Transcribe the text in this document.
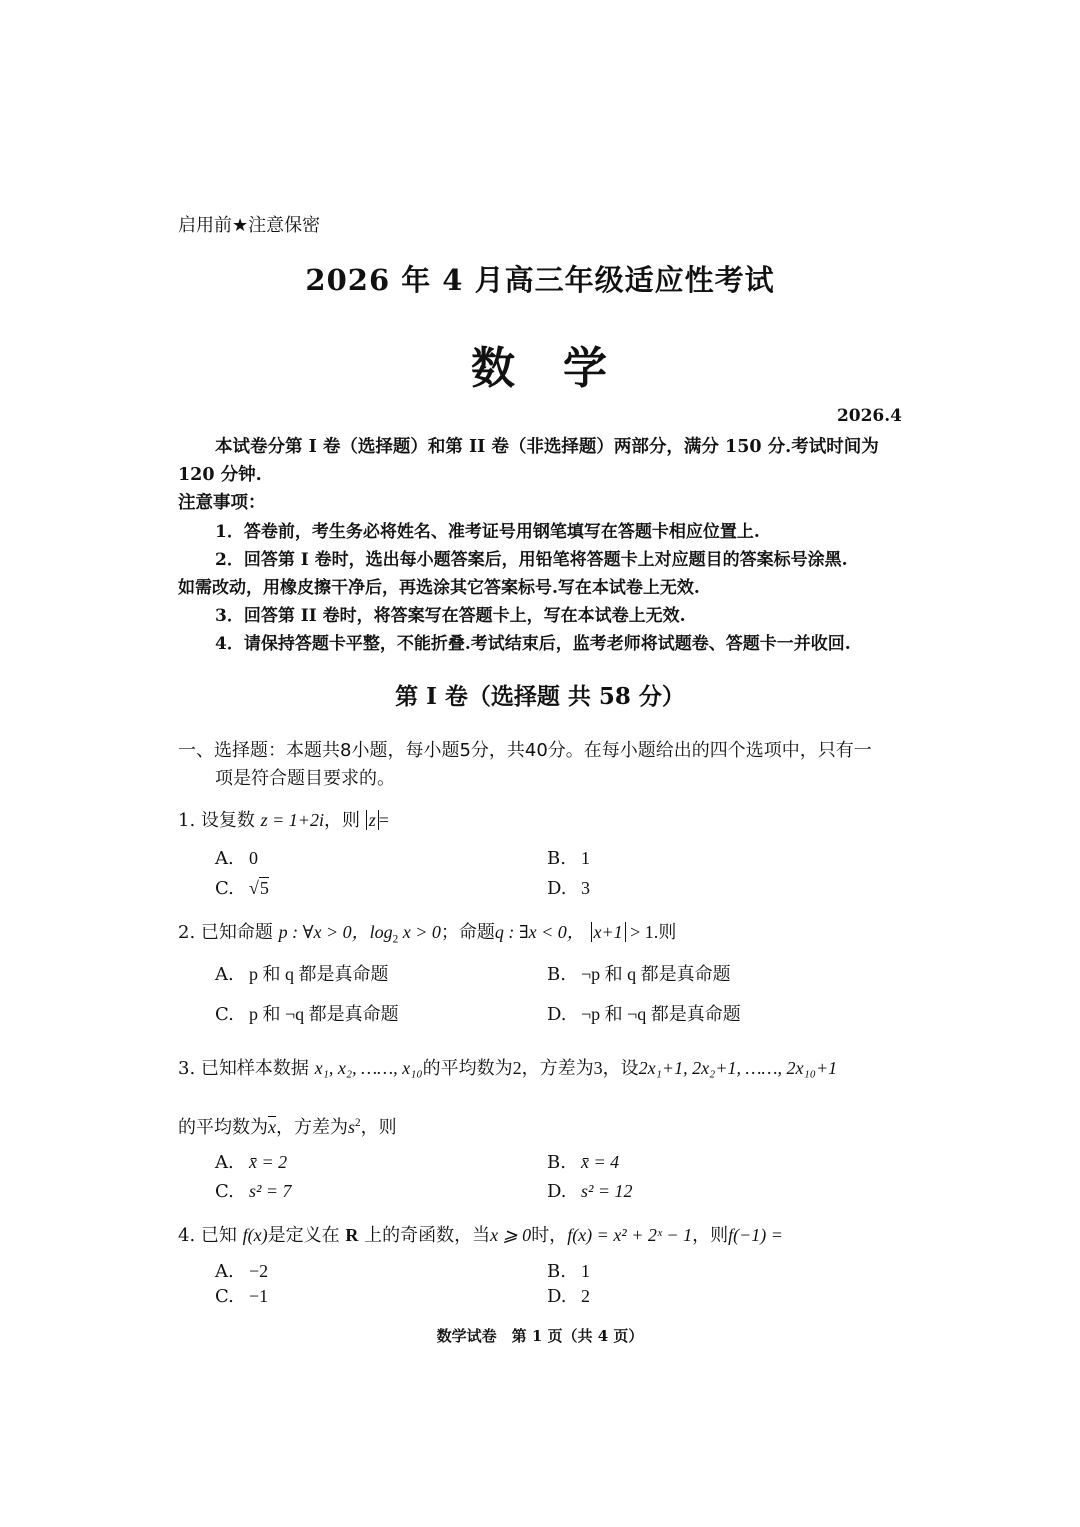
启用前★注意保密
2026 年 4 月高三年级适应性考试
数　学
2026.4
本试卷分第 I 卷（选择题）和第 II 卷（非选择题）两部分，满分 150 分.考试时间为
120 分钟.
注意事项：
1．答卷前，考生务必将姓名、准考证号用钢笔填写在答题卡相应位置上.
2．回答第 I 卷时，选出每小题答案后，用铅笔将答题卡上对应题目的答案标号涂黑.
如需改动，用橡皮擦干净后，再选涂其它答案标号.写在本试卷上无效.
3．回答第 II 卷时，将答案写在答题卡上，写在本试卷上无效.
4．请保持答题卡平整，不能折叠.考试结束后，监考老师将试题卷、答题卡一并收回.
第 I 卷（选择题 共 58 分）
一、选择题：本题共8小题，每小题5分，共40分。在每小题给出的四个选项中，只有一
项是符合题目要求的。
1. 设复数 z = 1+2i，则 z =
A. 0	B. 1
C. √5	D. 3
2. 已知命题 p : ∀x > 0，$\log_2 x > 0$；命题q : ∃x < 0， x+1 > 1.则
A. p 和 q 都是真命题	B. ¬p 和 q 都是真命题
C. p 和 ¬q 都是真命题	D. ¬p 和 ¬q 都是真命题
3. 已知样本数据 x₁, x₂, ……, x₁₀的平均数为2，方差为3，设2x₁+1, 2x₂+1, ……, 2x₁₀+1
的平均数为$\overline{x}$，方差为$s^2$，则
A. x̄ = 2	B. x̄ = 4
C. s² = 7	D. s² = 12
4. 已知 f(x)是定义在 R 上的奇函数，当x ⩾ 0时，f(x) = x² + 2ˣ − 1，则f(−1) =
A. −2	B. 1
C. −1	D. 2
数学试卷　第 1 页（共 4 页）
